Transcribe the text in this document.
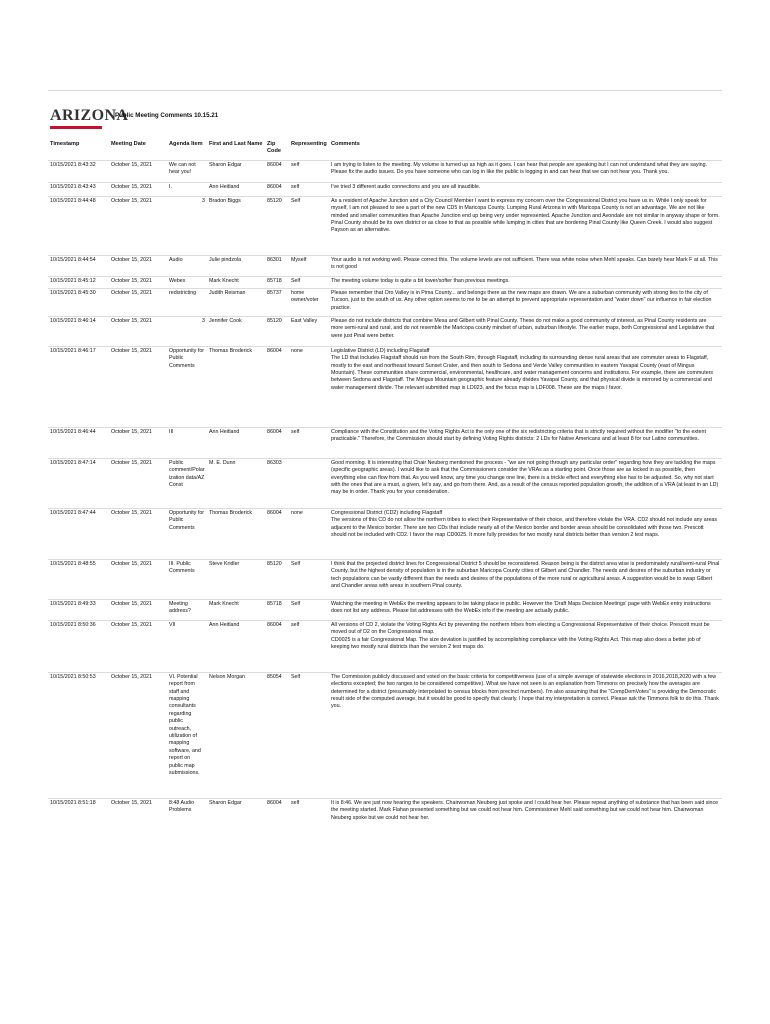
ARIZONA
Public Meeting Comments 10.15.21
Timestamp	Meeting Date	Agenda Item	First and Last Name	Zip Code	Representing	Comments
10/15/2021 8:43:32	October 15, 2021	We can not hear you!	Sharon Edgar	86004	self	I am trying to listen to the meeting. My volume is turned up as high as it goes. I can hear that people are speaking but I can not understand what they are saying. Please fix the audio issues. Do you have someone who can log in like the public is logging in and can hear that we can not hear you. Thank you.
10/15/2021 8:43:43	October 15, 2021	I.	Ann Heitland	86004	self	I've tried 3 different audio connections and you are all inaudible.
10/15/2021 8:44:48	October 15, 2021	3	Bradon Biggs	85120	Self	As a resident of Apache Junction and a City Council Member I want to express my concern over the Congressional District you have us in. While I only speak for myself, I am not pleased to see a part of the new CD5 in Maricopa County. Lumping Rural Arizona in with Maricopa County is not an advantage. We are not like minded and smaller communities than Apache Junction end up being very under represented. Apache Junction and Avondale are not similar in anyway shape or form. Pinal County should be its own district or as close to that as possible while lumping in cities that are bordering Pinal County like Queen Creek. I would also suggest Payson as an alternative.
10/15/2021 8:44:54	October 15, 2021	Audio	Julie pindzola	86301	Myself	Your audio is not working well. Please correct this. The volume levels are not sufficient. There was white noise when Mehl speaks. Can barely hear Mark F at all. This is not good
10/15/2021 8:45:12	October 15, 2021	Webex	Mark Knecht	85718	Self	The meeting volume today is quite a bit lower/softer than previous meetings.
10/15/2021 8:45:30	October 15, 2021	redistricting	Judith Reisman	85737	home owner/voter	Please remember that Oro Valley is in Pima County... and belongs there as the new maps are drawn. We are a suburban community with strong ties to the city of Tucson, just to the south of us. Any other option seems to me to be an attempt to prevent appropriate representation and "water down" our influence in fair election practice.
10/15/2021 8:46:14	October 15, 2021	3	Jennifer Cook	85120	East Valley	Please do not include districts that combine Mesa and Gilbert with Pinal County. These do not make a good community of interest, as Pinal County residents are more semi-rural and rural, and do not resemble the Maricopa county mindset of urban, suburban lifestyle. The earlier maps, both Congressional and Legislative that were just Pinal were better.
10/15/2021 8:46:17	October 15, 2021	Opportunity for Public Comments	Thomas Broderick	86004	none	Legislative District (LD) including Flagstaff
The LD that includes Flagstaff should run from the South Rim, through Flagstaff, including its surrounding dense rural areas that are commuter areas to Flagstaff, mostly to the east and northeast toward Sunset Crater, and then south to Sedona and Verde Valley communities in eastern Yavapai County (east of Mingus Mountain). These communities share commercial, environmental, healthcare, and water management concerns and institutions. For example, there are commuters between Sedona and Flagstaff. The Mingus Mountain geographic feature already divides Yavapai County, and that physical divide is mirrored by a commercial and water management divide. The relevant submitted map is LD023, and the focus map is LDF008. These are the maps I favor.
10/15/2021 8:46:44	October 15, 2021	III	Ann Heitland	86004	self	Compliance with the Constitution and the Voting Rights Act is the only one of the six redistricting criteria that is strictly required without the modifier "to the extent practicable." Therefore, the Commission should start by defining Voting Rights districts: 2 LDs for Native Americans and at least 8 for our Latino communities.
10/15/2021 8:47:14	October 15, 2021	Public comment/Polarization data/AZ Const	M. E. Dunn	86303		Good morning. It is interesting that Chair Neuberg mentioned the process - "we are not going through any particular order" regarding how they are tackling the maps (specific geographic areas). I would like to ask that the Commissioners consider the VRAs as a starting point. Once those are as locked in as possible, then everything else can flow from that. As you well know, any time you change one line, there is a trickle effect and everything else has to be adjusted. So, why not start with the ones that are a must, a given, let's say, and go from there. And, as a result of the census reported population growth, the addition of a VRA (at least in an LD) may be in order. Thank you for your consideration.
10/15/2021 8:47:44	October 15, 2021	Opportunity for Public Comments	Thomas Broderick	86004	none	Congressional District (CD2) including Flagstaff
The versions of this CD do not allow the northern tribes to elect their Representative of their choice, and therefore violate the VRA. CD2 should not include any areas adjacent to the Mexico border. There are two CDs that include nearly all of the Mexico border and border areas should be consolidated with those two. Prescott should not be included with CD2. I favor the map CD0025. It more fully provides for two mostly rural districts better than version 2 test maps.
10/15/2021 8:48:55	October 15, 2021	III. Public Comments	Steve Kridler	85120	Self	I think that the projected district lines for Congressional District 5 should be reconsidered. Reason being is the district area wise is predominately rural/semi-rural Pinal County, but the highest density of population is in the suburban Maricopa County cities of Gilbert and Chandler. The needs and desires of the suburban industry or tech populations can be vastly different than the needs and desires of the populations of the more rural or agricultural areas. A suggestion would be to swap Gilbert and Chandler areas with areas in southern Pinal county.
10/15/2021 8:49:33	October 15, 2021	Meeting address?	Mark Knecht	85718	Self	Watching the meeting in WebEx the meeting appears to be taking place in public. However the 'Draft Maps Decision Meetings' page with WebEx entry instructions does not list any address. Please list addresses with the WebEx info if the meeting are actually public.
10/15/2021 8:50:36	October 15, 2021	VII	Ann Heitland	86004	self	All versions of CD 2, violate the Voting Rights Act by preventing the northern tribes from electing a Congressional Representative of their choice. Prescott must be moved out of D2 on the Congressional map.
CD0025 is a fair Congressional Map. The size deviation is justified by accomplishing compliance with the Voting Rights Act. This map also does a better job of keeping two mostly rural districts than the version 2 test maps do.
10/15/2021 8:50:53	October 15, 2021	VI. Potential report from staff and mapping consultants regarding public outreach, utilization of mapping software, and report on public map submissions.	Nelson Morgan	85054	Self	The Commission publicly discussed and voted on the basic criteria for competitiveness (use of a simple average of statewide elections in 2016,2018,2020 with a few elections excepted; the two ranges to be considered competitive). What we have not seen is an explanation from Timmons on precisely how the averages are determined for a district (presumably interpolated to census blocks from precinct numbers). I'm also assuming that the "CompDemVotes" is providing the Democratic result side of the computed average, but it would be good to specify that clearly. I hope that my interpretation is correct. Please ask the Timmons folk to do this. Thank you.
10/15/2021 8:51:18	October 15, 2021	8:48 Audio Problems	Sharon Edgar	86004	self	It is 8:46. We are just now hearing the speakers. Chairwoman Neuberg just spoke and I could hear her. Please repeat anything of substance that has been said since the meeting started. Mark Flahan presented something but we could not hear him. Commissioner Mehl said something but we could not hear him. Chairwoman Neuberg spoke but we could not hear her.
